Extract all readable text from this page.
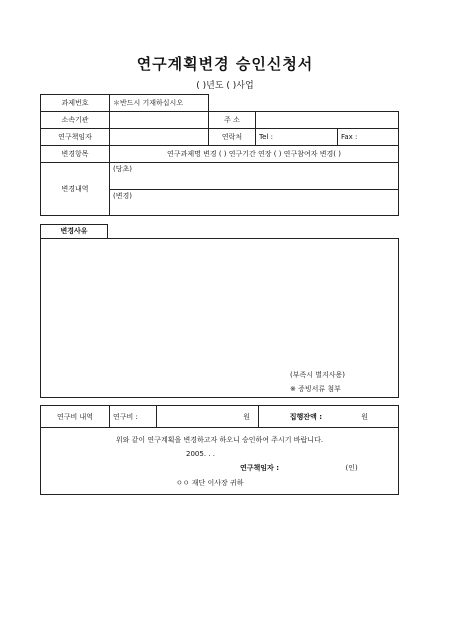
연구계획변경 승인신청서
( )년도 ( )사업
과제번호	＊반드시 기재하십시오			
소속기관		주 소		
연구책임자		연락처	Tel :	Fax :
변경항목	연구과제명 변경 ( ) 연구기간 연장 ( ) 연구참여자 변경( )			
변경내역	(당초)			
	(변경)			
변경사유
(부족시 별지사용)
※ 증빙서류 첨부
연구비 내역	연구비 :	원	집행잔액 :	원
위와 같이 연구계획을 변경하고자 하오니 승인하여 주시기 바랍니다.
2005. . .
연구책임자 :	(인)
ㅇㅇ 재단 이사장 귀하
